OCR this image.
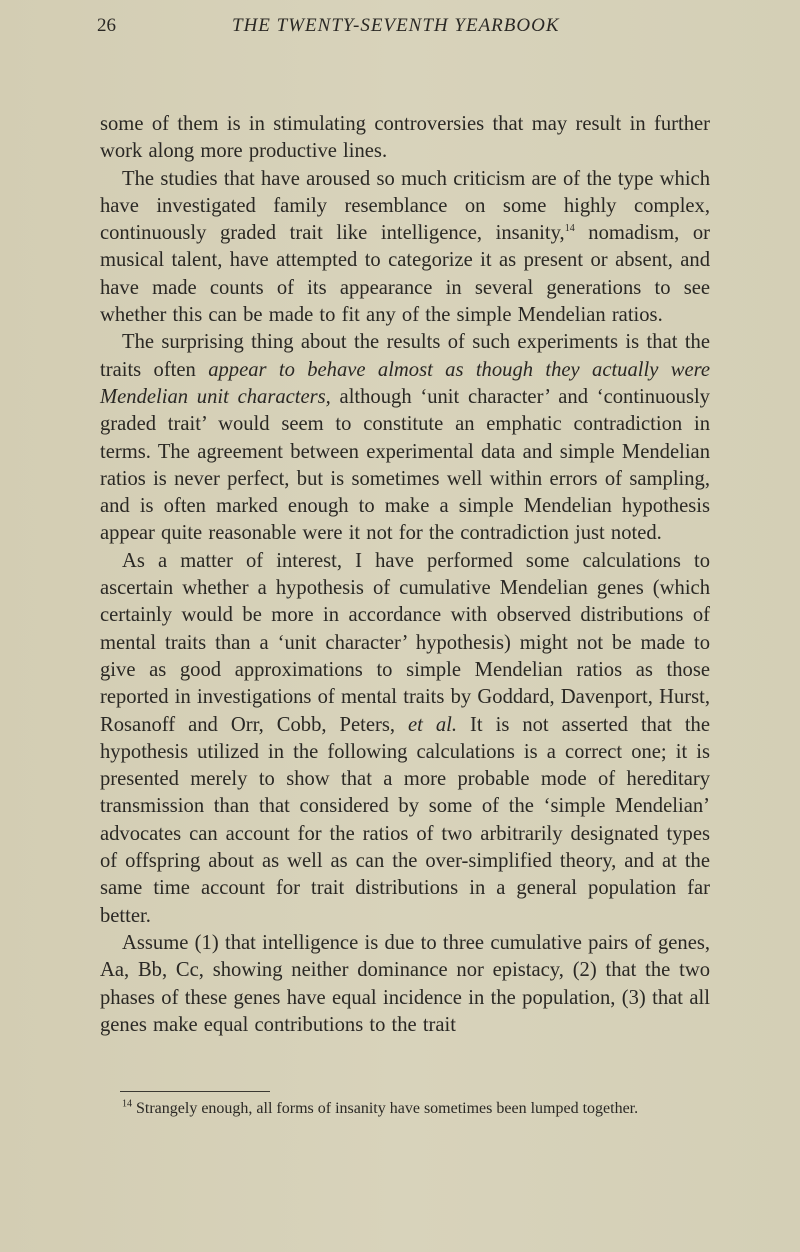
26	THE TWENTY-SEVENTH YEARBOOK

some of them is in stimulating controversies that may result in further work along more productive lines.

The studies that have aroused so much criticism are of the type which have investigated family resemblance on some highly complex, continuously graded trait like intelligence, insanity,$^{14}$ nomadism, or musical talent, have attempted to categorize it as present or absent, and have made counts of its appearance in several generations to see whether this can be made to fit any of the simple Mendelian ratios.

The surprising thing about the results of such experiments is that the traits often appear to behave almost as though they actually were Mendelian unit characters, although ‘unit character’ and ‘continuously graded trait’ would seem to constitute an emphatic contradiction in terms. The agreement between experimental data and simple Mendelian ratios is never perfect, but is sometimes well within errors of sampling, and is often marked enough to make a simple Mendelian hypothesis appear quite reasonable were it not for the contradiction just noted.

As a matter of interest, I have performed some calculations to ascertain whether a hypothesis of cumulative Mendelian genes (which certainly would be more in accordance with observed distributions of mental traits than a ‘unit character’ hypothesis) might not be made to give as good approximations to simple Mendelian ratios as those reported in investigations of mental traits by Goddard, Davenport, Hurst, Rosanoff and Orr, Cobb, Peters, et al. It is not asserted that the hypothesis utilized in the following calculations is a correct one; it is presented merely to show that a more probable mode of hereditary transmission than that considered by some of the ‘simple Mendelian’ advocates can account for the ratios of two arbitrarily designated types of offspring about as well as can the over-simplified theory, and at the same time account for trait distributions in a general population far better.

Assume (1) that intelligence is due to three cumulative pairs of genes, Aa, Bb, Cc, showing neither dominance nor epistacy, (2) that the two phases of these genes have equal incidence in the population, (3) that all genes make equal contributions to the trait

$^{14}$ Strangely enough, all forms of insanity have sometimes been lumped together.
